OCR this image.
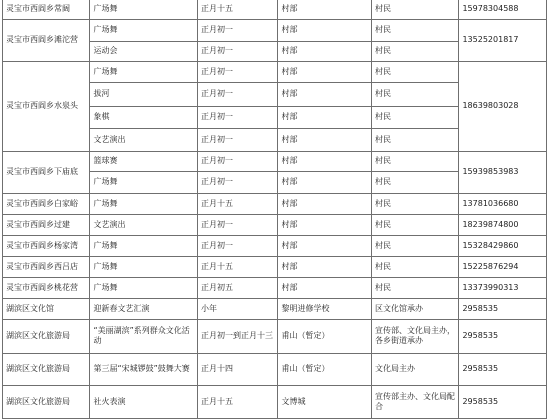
灵宝市西阎乡常阔	广场舞	正月十五	村部	村民	15978304588
灵宝市西阎乡滩沱营	广场舞	正月初一	村部	村民	13525201817
	运动会	正月初一	村部	村民	
灵宝市西阎乡水泉头	广场舞	正月初一	村部	村民	18639803028
	拔河	正月初一	村部	村民	
	象棋	正月初一	村部	村民	
	文艺演出	正月初一	村部	村民	
灵宝市西阎乡下庙底	篮球赛	正月初一	村部	村民	15939853983
	广场舞	正月初一	村部	村民	
灵宝市西阎乡白家峪	广场舞	正月十五	村部	村民	13781036680
灵宝市西阎乡过建	文艺演出	正月初一	村部	村民	18239874800
灵宝市西阎乡杨家湾	广场舞	正月初一	村部	村民	15328429860
灵宝市西阎乡西吕店	广场舞	正月十五	村部	村民	15225876294
灵宝市西阎乡桃花营	广场舞	正月初五	村部	村民	13373990313
湖滨区文化馆	迎新春文艺汇演	小年	黎明进修学校	区文化馆承办	2958535
湖滨区文化旅游局	“美丽湖滨”系列群众文化活动	正月初一到正月十三	甫山（暂定）	宣传部、文化局主办，各乡街道承办	2958535
湖滨区文化旅游局	第三届“宋城锣鼓”鼓舞大赛	正月十四	甫山（暂定）	文化局主办	2958535
湖滨区文化旅游局	社火表演	正月十五	文博城	宣传部主办、文化局配合	2958535
